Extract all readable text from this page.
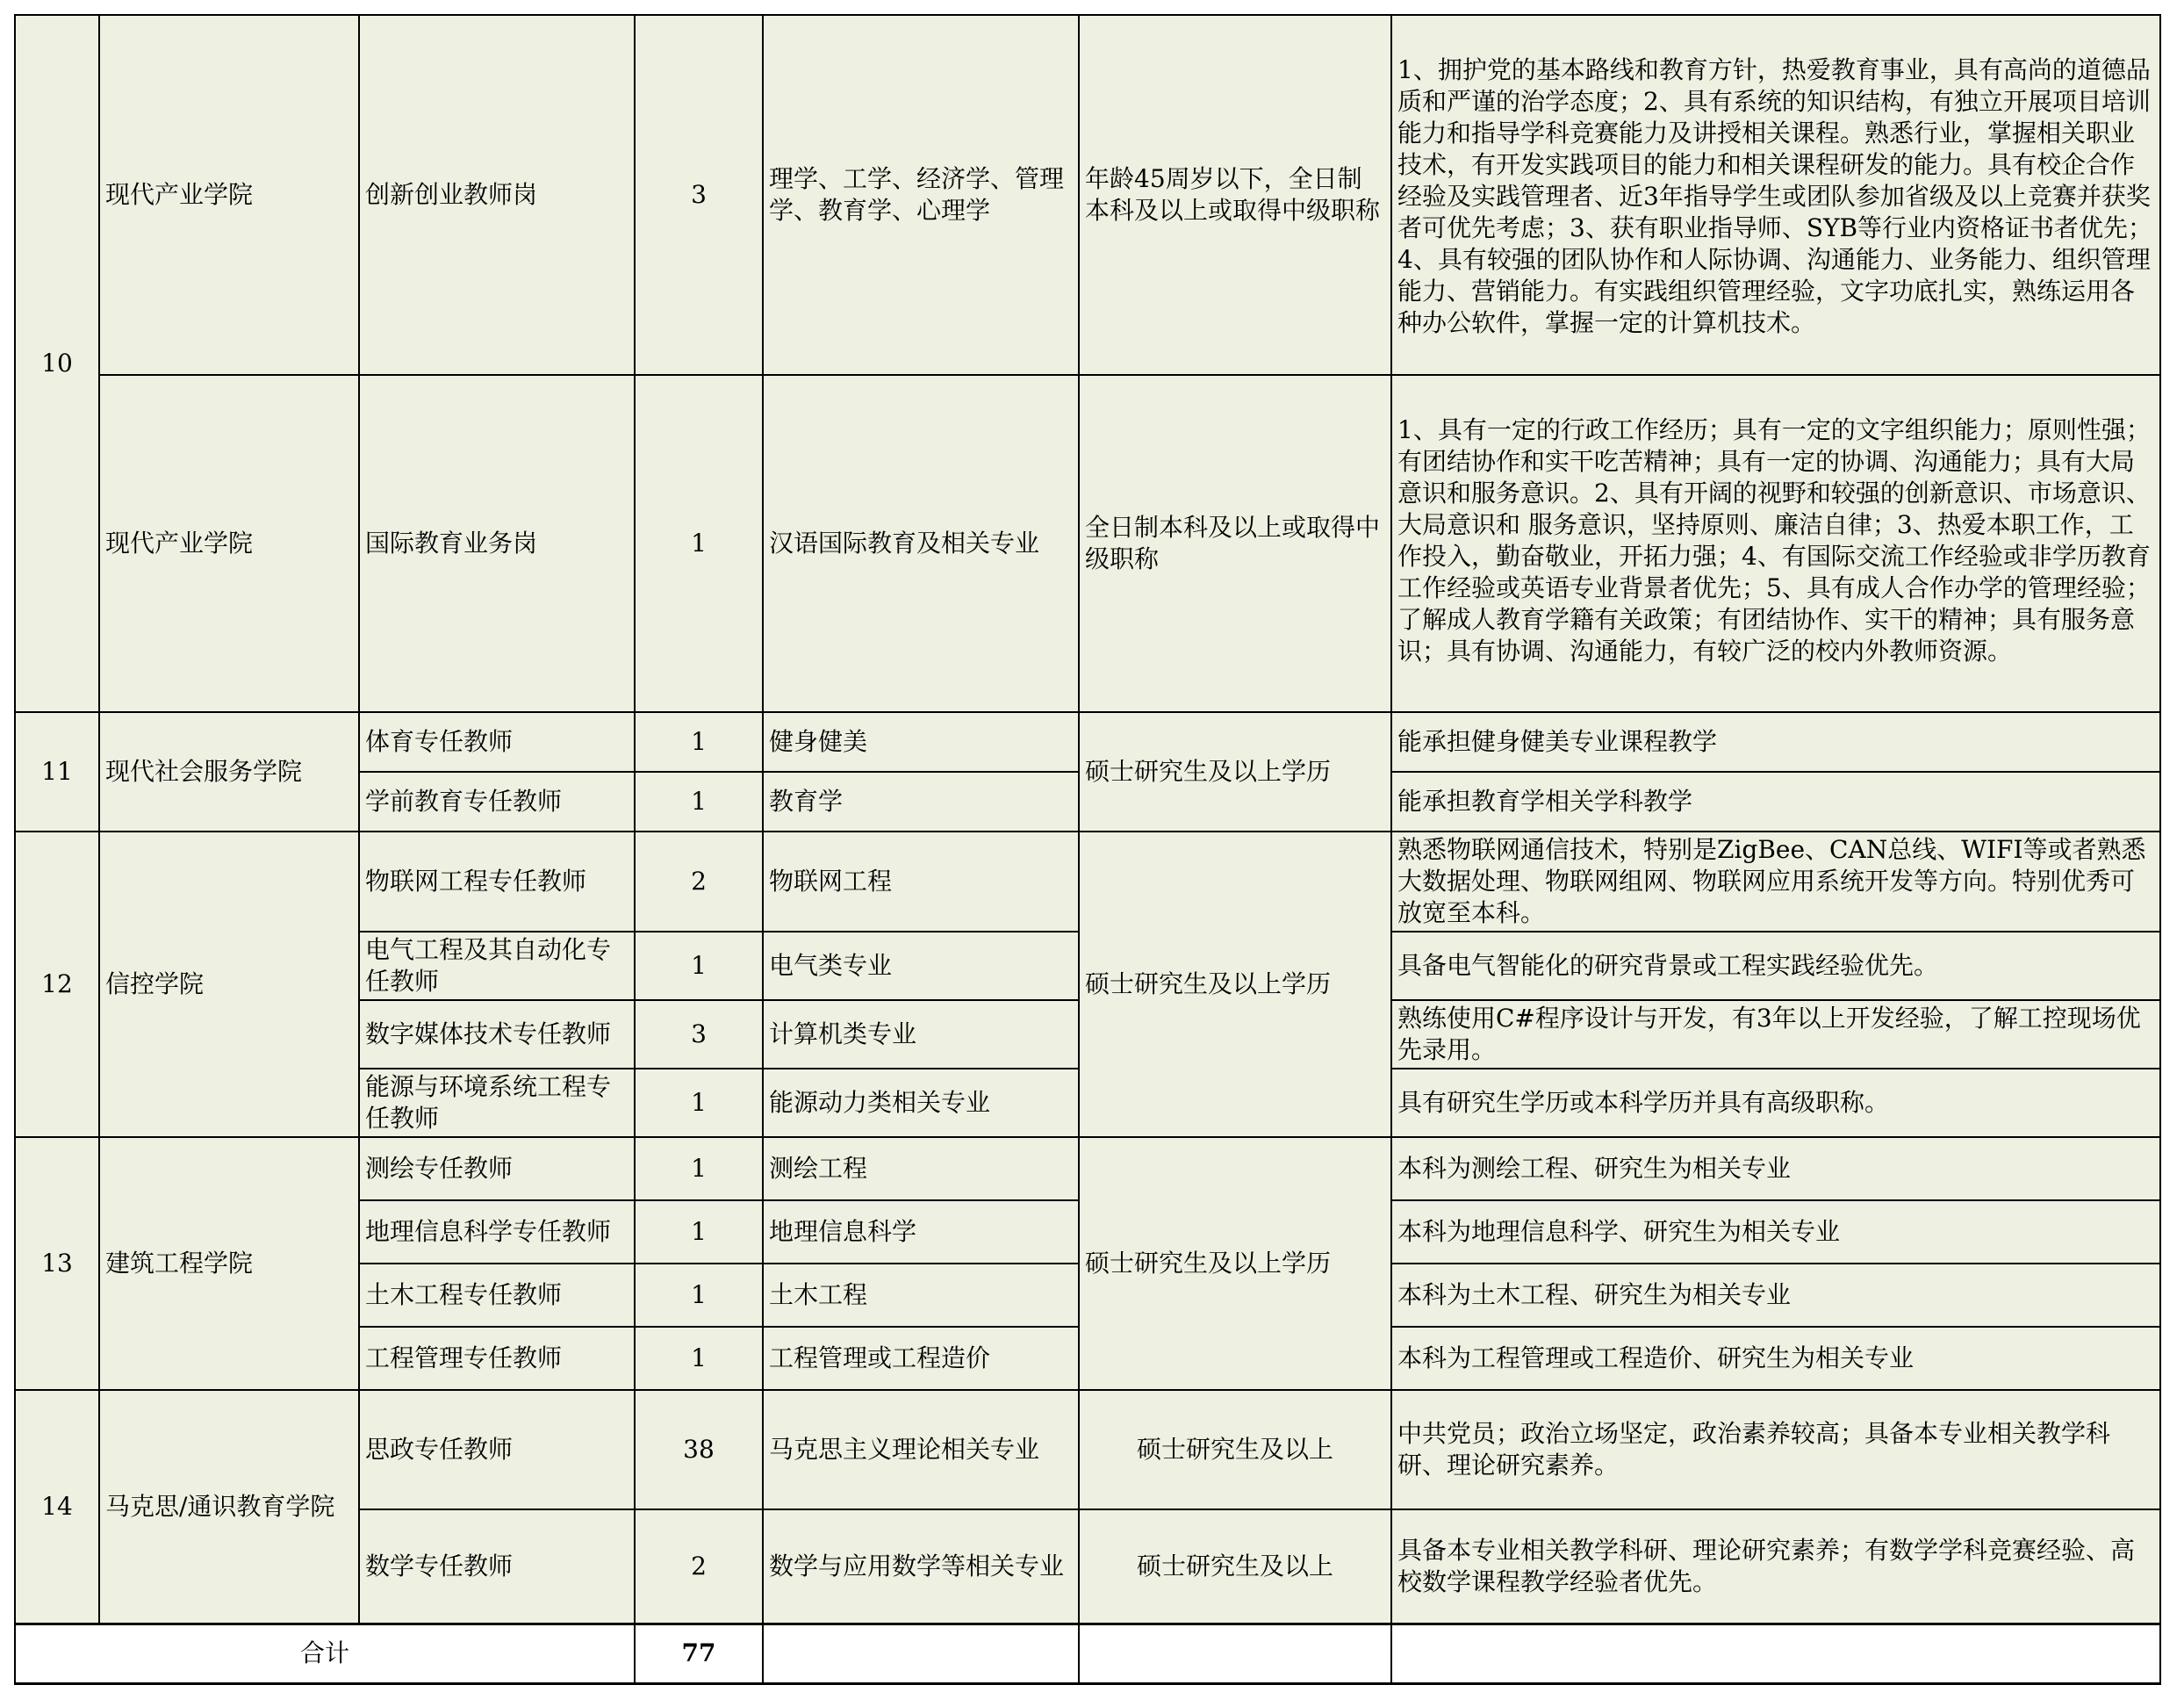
10	现代产业学院	创新创业教师岗	3	理学、工学、经济学、管理学、教育学、心理学	年龄45周岁以下，全日制本科及以上或取得中级职称	1、拥护党的基本路线和教育方针，热爱教育事业，具有高尚的道德品质和严谨的治学态度；2、具有系统的知识结构，有独立开展项目培训能力和指导学科竞赛能力及讲授相关课程。熟悉行业，掌握相关职业技术，有开发实践项目的能力和相关课程研发的能力。具有校企合作经验及实践管理者、近3年指导学生或团队参加省级及以上竞赛并获奖者可优先考虑；3、获有职业指导师、SYB等行业内资格证书者优先；4、具有较强的团队协作和人际协调、沟通能力、业务能力、组织管理能力、营销能力。有实践组织管理经验，文字功底扎实，熟练运用各种办公软件，掌握一定的计算机技术。
	现代产业学院	国际教育业务岗	1	汉语国际教育及相关专业	全日制本科及以上或取得中级职称	1、具有一定的行政工作经历；具有一定的文字组织能力；原则性强；有团结协作和实干吃苦精神；具有一定的协调、沟通能力；具有大局意识和服务意识。2、具有开阔的视野和较强的创新意识、市场意识、大局意识和 服务意识，坚持原则、廉洁自律；3、热爱本职工作，工作投入，勤奋敬业，开拓力强；4、有国际交流工作经验或非学历教育工作经验或英语专业背景者优先；5、具有成人合作办学的管理经验；了解成人教育学籍有关政策；有团结协作、实干的精神；具有服务意识；具有协调、沟通能力，有较广泛的校内外教师资源。
11	现代社会服务学院	体育专任教师	1	健身健美	硕士研究生及以上学历	能承担健身健美专业课程教学
		学前教育专任教师	1	教育学		能承担教育学相关学科教学
12	信控学院	物联网工程专任教师	2	物联网工程	硕士研究生及以上学历	熟悉物联网通信技术，特别是ZigBee、CAN总线、WIFI等或者熟悉大数据处理、物联网组网、物联网应用系统开发等方向。特别优秀可放宽至本科。
		电气工程及其自动化专任教师	1	电气类专业		具备电气智能化的研究背景或工程实践经验优先。
		数字媒体技术专任教师	3	计算机类专业		熟练使用C#程序设计与开发，有3年以上开发经验，了解工控现场优先录用。
		能源与环境系统工程专任教师	1	能源动力类相关专业		具有研究生学历或本科学历并具有高级职称。
13	建筑工程学院	测绘专任教师	1	测绘工程	硕士研究生及以上学历	本科为测绘工程、研究生为相关专业
		地理信息科学专任教师	1	地理信息科学		本科为地理信息科学、研究生为相关专业
		土木工程专任教师	1	土木工程		本科为土木工程、研究生为相关专业
		工程管理专任教师	1	工程管理或工程造价		本科为工程管理或工程造价、研究生为相关专业
14	马克思/通识教育学院	思政专任教师	38	马克思主义理论相关专业	硕士研究生及以上	中共党员；政治立场坚定，政治素养较高；具备本专业相关教学科研、理论研究素养。
		数学专任教师	2	数学与应用数学等相关专业	硕士研究生及以上	具备本专业相关教学科研、理论研究素养；有数学学科竞赛经验、高校数学课程教学经验者优先。
合计			77			
